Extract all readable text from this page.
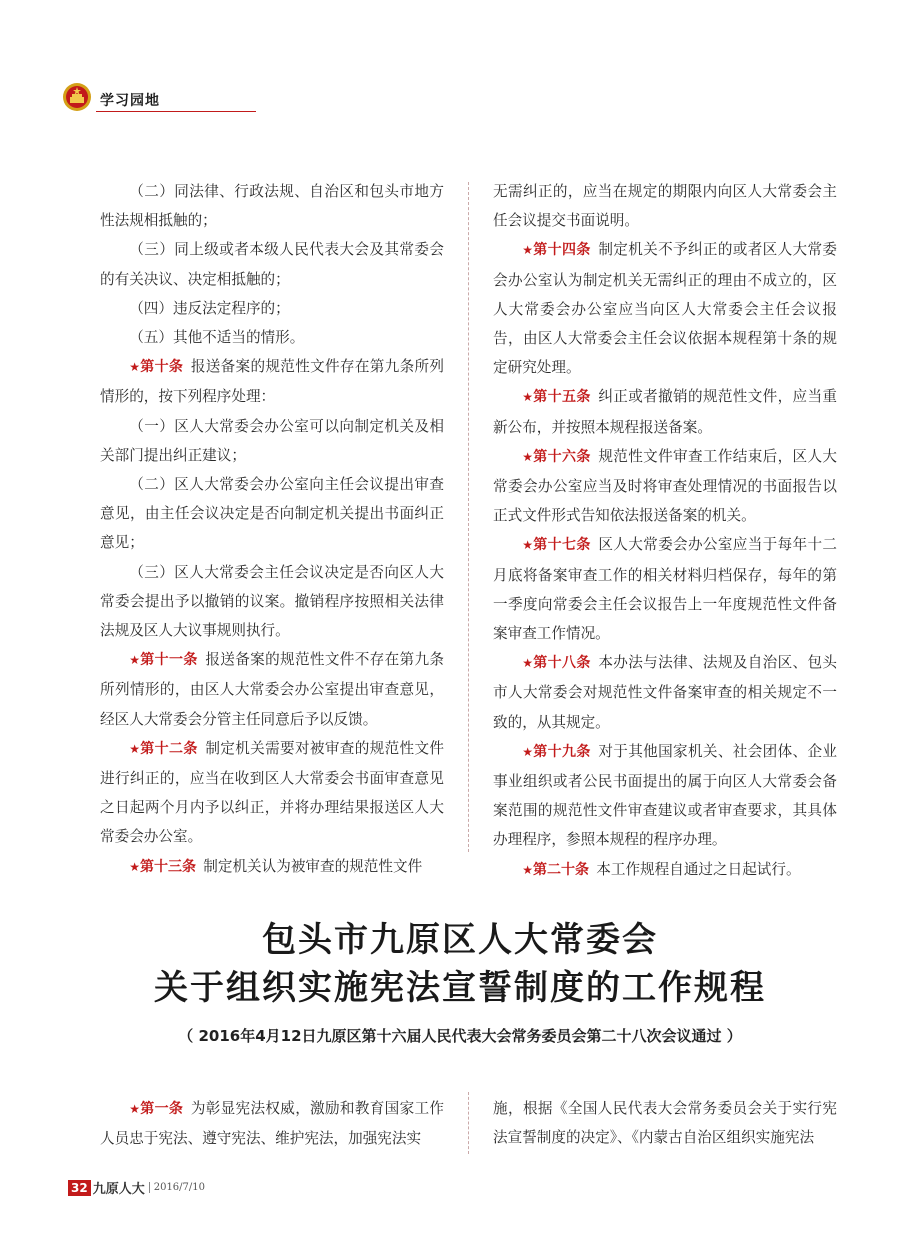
学习园地

（二）同法律、行政法规、自治区和包头市地方性法规相抵触的；

（三）同上级或者本级人民代表大会及其常委会的有关决议、决定相抵触的；

（四）违反法定程序的；

（五）其他不适当的情形。

★第十条  报送备案的规范性文件存在第九条所列情形的，按下列程序处理：

（一）区人大常委会办公室可以向制定机关及相关部门提出纠正建议；

（二）区人大常委会办公室向主任会议提出审查意见，由主任会议决定是否向制定机关提出书面纠正意见；

（三）区人大常委会主任会议决定是否向区人大常委会提出予以撤销的议案。撤销程序按照相关法律法规及区人大议事规则执行。

★第十一条  报送备案的规范性文件不存在第九条所列情形的，由区人大常委会办公室提出审查意见，经区人大常委会分管主任同意后予以反馈。

★第十二条  制定机关需要对被审查的规范性文件进行纠正的，应当在收到区人大常委会书面审查意见之日起两个月内予以纠正，并将办理结果报送区人大常委会办公室。

★第十三条  制定机关认为被审查的规范性文件

无需纠正的，应当在规定的期限内向区人大常委会主任会议提交书面说明。

★第十四条  制定机关不予纠正的或者区人大常委会办公室认为制定机关无需纠正的理由不成立的，区人大常委会办公室应当向区人大常委会主任会议报告，由区人大常委会主任会议依据本规程第十条的规定研究处理。

★第十五条  纠正或者撤销的规范性文件，应当重新公布，并按照本规程报送备案。

★第十六条  规范性文件审查工作结束后，区人大常委会办公室应当及时将审查处理情况的书面报告以正式文件形式告知依法报送备案的机关。

★第十七条  区人大常委会办公室应当于每年十二月底将备案审查工作的相关材料归档保存，每年的第一季度向常委会主任会议报告上一年度规范性文件备案审查工作情况。

★第十八条  本办法与法律、法规及自治区、包头市人大常委会对规范性文件备案审查的相关规定不一致的，从其规定。

★第十九条  对于其他国家机关、社会团体、企业事业组织或者公民书面提出的属于向区人大常委会备案范围的规范性文件审查建议或者审查要求，其具体办理程序，参照本规程的程序办理。

★第二十条  本工作规程自通过之日起试行。

包头市九原区人大常委会
关于组织实施宪法宣誓制度的工作规程
（ 2016年4月12日九原区第十六届人民代表大会常务委员会第二十八次会议通过 ）

★第一条  为彰显宪法权威，激励和教育国家工作人员忠于宪法、遵守宪法、维护宪法，加强宪法实

施，根据《全国人民代表大会常务委员会关于实行宪法宣誓制度的决定》、《内蒙古自治区组织实施宪法

32 九原人大 2016/7/10
